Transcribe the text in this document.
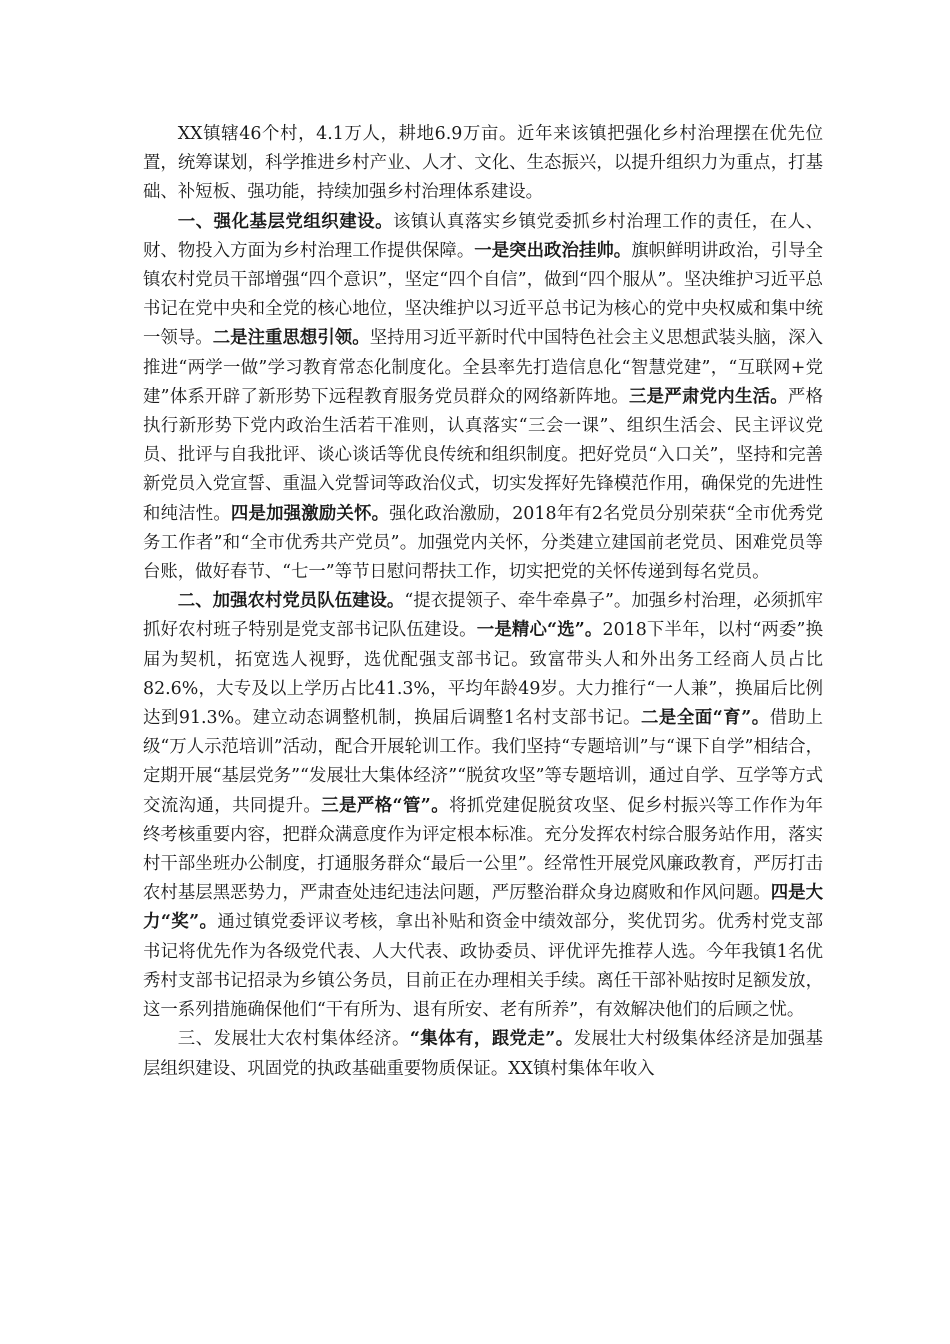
XX镇辖46个村，4.1万人，耕地6.9万亩。近年来该镇把强化乡村治理摆在优先位置，统筹谋划，科学推进乡村产业、人才、文化、生态振兴，以提升组织力为重点，打基础、补短板、强功能，持续加强乡村治理体系建设。

一、强化基层党组织建设。该镇认真落实乡镇党委抓乡村治理工作的责任，在人、财、物投入方面为乡村治理工作提供保障。一是突出政治挂帅。旗帜鲜明讲政治，引导全镇农村党员干部增强“四个意识”，坚定“四个自信”，做到“四个服从”。坚决维护习近平总书记在党中央和全党的核心地位，坚决维护以习近平总书记为核心的党中央权威和集中统一领导。二是注重思想引领。坚持用习近平新时代中国特色社会主义思想武装头脑，深入推进“两学一做”学习教育常态化制度化。全县率先打造信息化“智慧党建”，“互联网+党建”体系开辟了新形势下远程教育服务党员群众的网络新阵地。三是严肃党内生活。严格执行新形势下党内政治生活若干准则，认真落实“三会一课”、组织生活会、民主评议党员、批评与自我批评、谈心谈话等优良传统和组织制度。把好党员“入口关”，坚持和完善新党员入党宣誓、重温入党誓词等政治仪式，切实发挥好先锋模范作用，确保党的先进性和纯洁性。四是加强激励关怀。强化政治激励，2018年有2名党员分别荣获“全市优秀党务工作者”和“全市优秀共产党员”。加强党内关怀，分类建立建国前老党员、困难党员等台账，做好春节、“七一”等节日慰问帮扶工作，切实把党的关怀传递到每名党员。

二、加强农村党员队伍建设。“提衣提领子、牵牛牵鼻子”。加强乡村治理，必须抓牢抓好农村班子特别是党支部书记队伍建设。一是精心“选”。2018下半年，以村“两委”换届为契机，拓宽选人视野，选优配强支部书记。致富带头人和外出务工经商人员占比82.6%，大专及以上学历占比41.3%，平均年龄49岁。大力推行“一人兼”，换届后比例达到91.3%。建立动态调整机制，换届后调整1名村支部书记。二是全面“育”。借助上级“万人示范培训”活动，配合开展轮训工作。我们坚持“专题培训”与“课下自学”相结合，定期开展“基层党务”“发展壮大集体经济”“脱贫攻坚”等专题培训，通过自学、互学等方式交流沟通，共同提升。三是严格“管”。将抓党建促脱贫攻坚、促乡村振兴等工作作为年终考核重要内容，把群众满意度作为评定根本标准。充分发挥农村综合服务站作用，落实村干部坐班办公制度，打通服务群众“最后一公里”。经常性开展党风廉政教育，严厉打击农村基层黑恶势力，严肃查处违纪违法问题，严厉整治群众身边腐败和作风问题。四是大力“奖”。通过镇党委评议考核，拿出补贴和资金中绩效部分，奖优罚劣。优秀村党支部书记将优先作为各级党代表、人大代表、政协委员、评优评先推荐人选。今年我镇1名优秀村支部书记招录为乡镇公务员，目前正在办理相关手续。离任干部补贴按时足额发放，这一系列措施确保他们“干有所为、退有所安、老有所养”，有效解决他们的后顾之忧。

三、发展壮大农村集体经济。“集体有，跟党走”。发展壮大村级集体经济是加强基层组织建设、巩固党的执政基础重要物质保证。XX镇村集体年收入
